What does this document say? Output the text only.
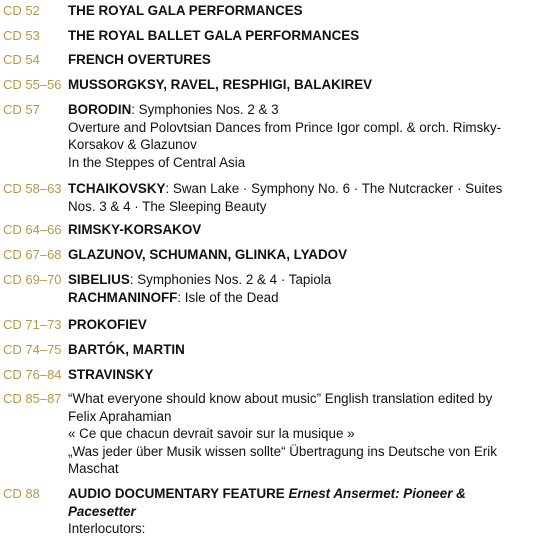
CD 52 THE ROYAL GALA PERFORMANCES
CD 53 THE ROYAL BALLET GALA PERFORMANCES
CD 54 FRENCH OVERTURES
CD 55–56 MUSSORGKSY, RAVEL, RESPHIGI, BALAKIREV
CD 57 BORODIN: Symphonies Nos. 2 & 3
Overture and Polovtsian Dances from Prince Igor compl. & orch. Rimsky-
Korsakov & Glazunov
In the Steppes of Central Asia
CD 58–63 TCHAIKOVSKY: Swan Lake · Symphony No. 6 · The Nutcracker · Suites
Nos. 3 & 4 · The Sleeping Beauty
CD 64–66 RIMSKY-KORSAKOV
CD 67–68 GLAZUNOV, SCHUMANN, GLINKA, LYADOV
CD 69–70 SIBELIUS: Symphonies Nos. 2 & 4 · Tapiola
RACHMANINOFF: Isle of the Dead
CD 71–73 PROKOFIEV
CD 74–75 BARTÓK, MARTIN
CD 76–84 STRAVINSKY
CD 85–87 “What everyone should know about music” English translation edited by
Felix Aprahamian
« Ce que chacun devrait savoir sur la musique »
„Was jeder über Musik wissen sollte“ Übertragung ins Deutsche von Erik
Maschat
CD 88 AUDIO DOCUMENTARY FEATURE Ernest Ansermet: Pioneer &
Pacesetter
Interlocutors:
